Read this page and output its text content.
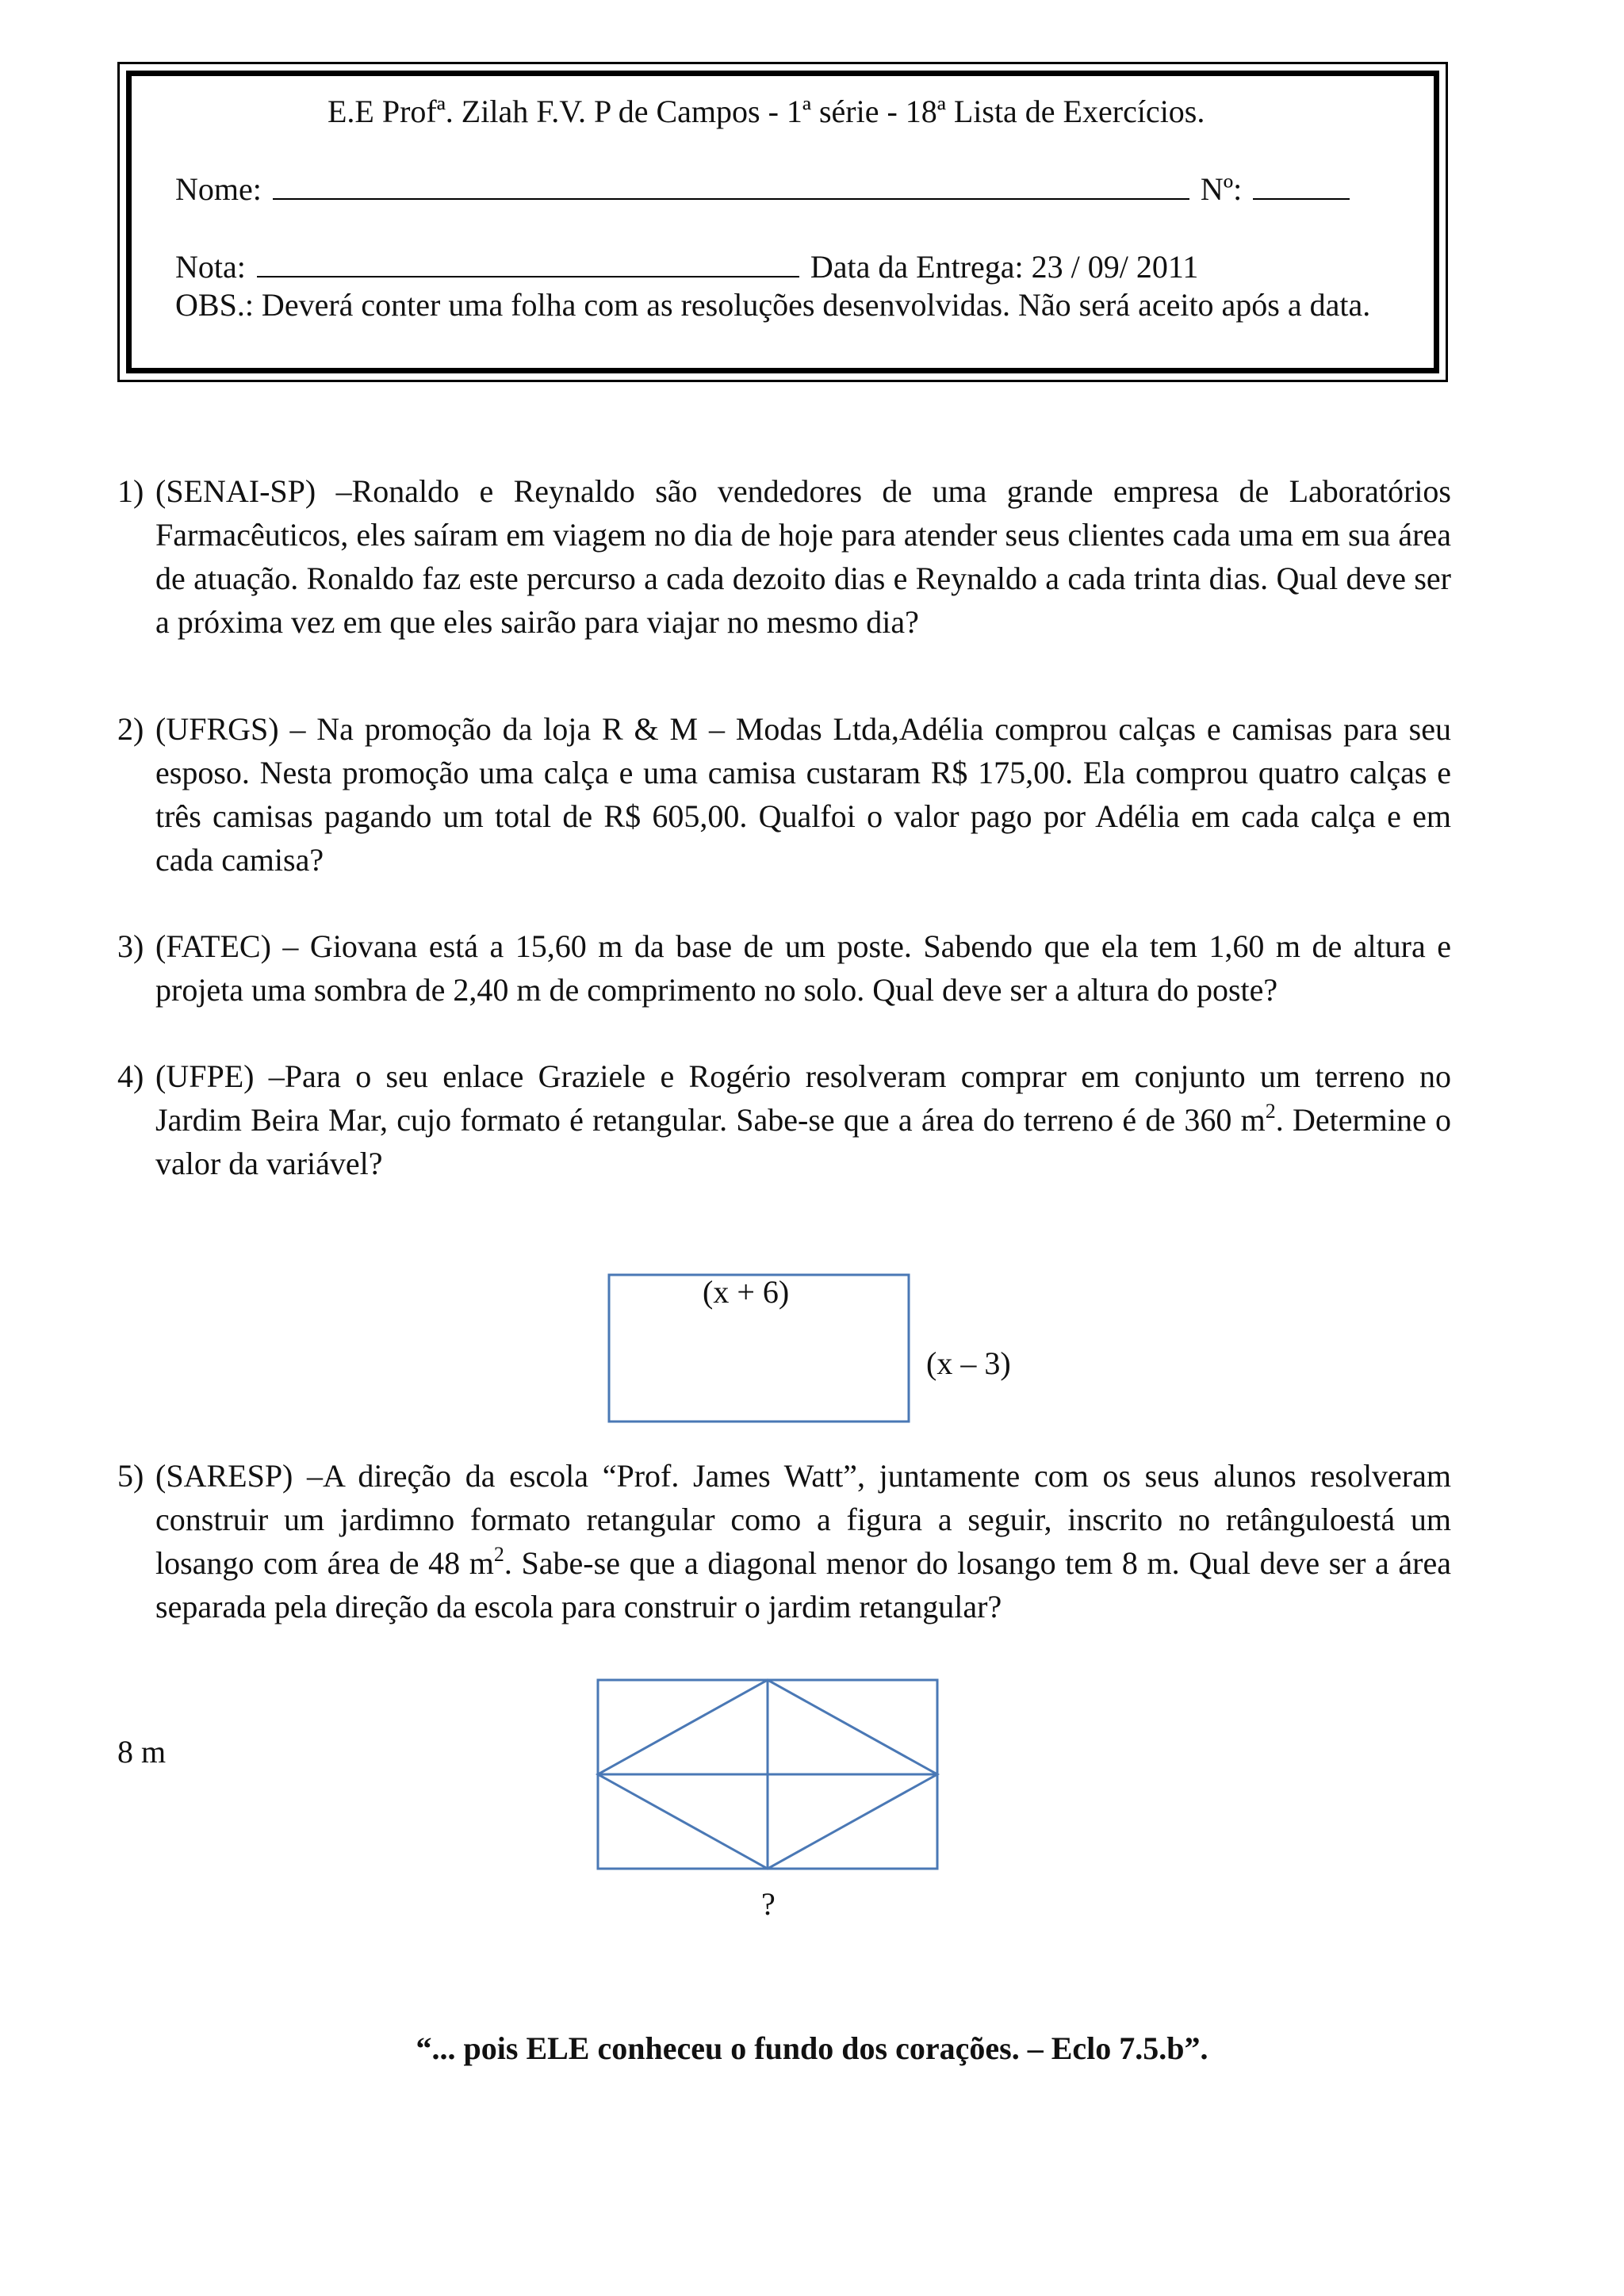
E.E Profª. Zilah F.V. P de Campos - 1ª série - 18ª Lista de Exercícios.
Nome:	Nº:
Nota:	Data da Entrega: 23 / 09/ 2011
OBS.: Deverá conter uma folha com as resoluções desenvolvidas. Não será aceito após a data.
1) (SENAI-SP) –Ronaldo e Reynaldo são vendedores de uma grande empresa de Laboratórios Farmacêuticos, eles saíram em viagem no dia de hoje para atender seus clientes cada uma em sua área de atuação. Ronaldo faz este percurso a cada dezoito dias e Reynaldo a cada trinta dias. Qual deve ser a próxima vez em que eles sairão para viajar no mesmo dia?
2) (UFRGS) – Na promoção da loja R & M – Modas Ltda,Adélia comprou calças e camisas para seu esposo. Nesta promoção uma calça e uma camisa custaram R$ 175,00. Ela comprou quatro calças e três camisas pagando um total de R$ 605,00. Qualfoi o valor pago por Adélia em cada calça e em cada camisa?
3) (FATEC) – Giovana está a 15,60 m da base de um poste. Sabendo que ela tem 1,60 m de altura e projeta uma sombra de 2,40 m de comprimento no solo. Qual deve ser a altura do poste?
4) (UFPE) –Para o seu enlace Graziele e Rogério resolveram comprar em conjunto um terreno no Jardim Beira Mar, cujo formato é retangular. Sabe-se que a área do terreno é de 360 $m^2$. Determine o valor da variável?
(x + 6)
(x – 3)
5) (SARESP) –A direção da escola “Prof. James Watt”, juntamente com os seus alunos resolveram construir um jardimno formato retangular como a figura a seguir, inscrito no retânguloestá um losango com área de 48 $m^2$. Sabe-se que a diagonal menor do losango tem 8 m. Qual deve ser a área separada pela direção da escola para construir o jardim retangular?
8 m
?
“... pois ELE conheceu o fundo dos corações. – Eclo 7.5.b”.
